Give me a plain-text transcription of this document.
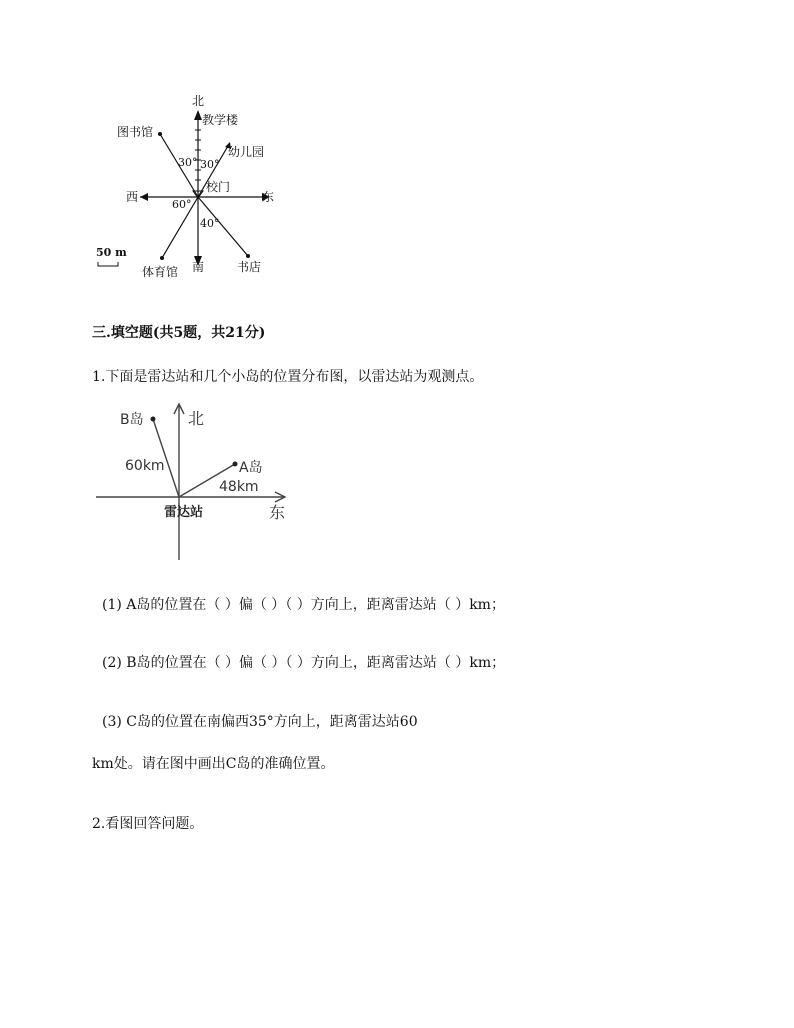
北
教学楼
图书馆
30° 30°
幼儿园
校门
西	东
60°
40°
50 m
体育馆 南	书店
三.填空题(共5题，共21分)
1.下面是雷达站和几个小岛的位置分布图，以雷达站为观测点。
B岛	北
60km	A岛
48km
雷达站	东
(1) A岛的位置在（ ）偏（ ）（ ）方向上，距离雷达站（ ）km；
(2) B岛的位置在（ ）偏（ ）（ ）方向上，距离雷达站（ ）km；
(3) C岛的位置在南偏西35°方向上，距离雷达站60
km处。请在图中画出C岛的准确位置。
2.看图回答问题。
